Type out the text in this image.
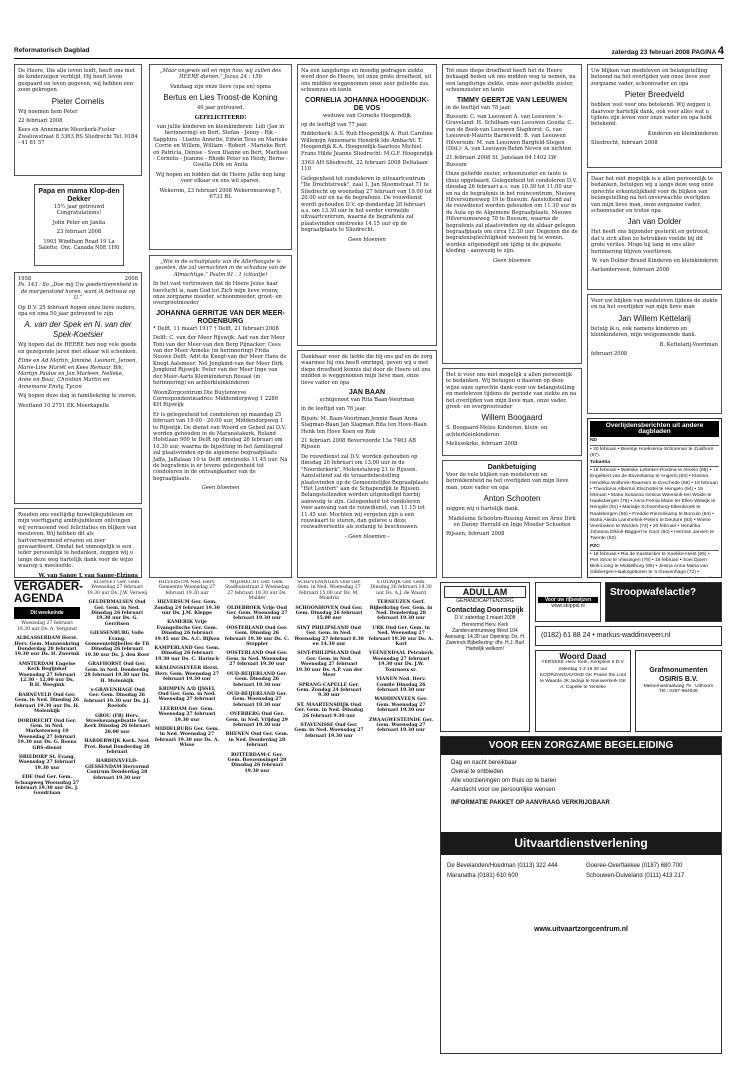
Reformatorisch Dagblad	zaterdag 23 februari 2008 PAGINA 4

De Heere, Die alle leven leidt, heeft ons met de kinderzegen verblijd. Hij heeft leven gespaard en leven gegeven, wij hebben een zoon gekregen

Pieter Cornelis

Wij noemen hem Peter

22 februari 2008

Kees en Annemarie Meerkerk-Fuster Zwaluwstraat 8 3363 RS Sliedrecht Tel. 0184 - 41 81 57

Papa en mama Klop-den Dekker

15½ jaar getrouwd Congratulations!

John Peter en Janita

23 februari 2008

1903 Windham Road 19 La Salette, Ont. Canada N0E 1H0

1958	2008

Ps. 143 : 8a „Doe mij Uw goedertierenheid in de morgenstond horen, want ik betrouw op U.”

Op D.V. 25 februari hopen onze lieve ouders, opa en oma 50 jaar getrouwd te zijn

A. van der Spek en N. van der Spek-Koetsier

Wij hopen dat de HEERE hen nog vele goede en gezegende jaren met elkaar wil schenken.

Eline en Ad Martin, Jannine, Leonart, Jeroen, Marie-Line Mariët en Kees Remaar, Bik, Martijn Paulus en Jan Marleen, Nelleke, Anne en Boaz, Christian Martin en Annemarie Emily, Tycon

Wij hopen deze dag in familiekring te vieren.

Westland 10 2751 EK Moerkapelle

Rouden ons veeltijdig huwelijksjubileum en mijn veertigjarig ambtsjubileum ontvingen wij verrassend veel felicitaties en blijken van meeleven. Wij hebben dit als hartverwarmend ervaren en zeer gewaardeerd. Omdat het onmogelijk is een ieder persoonlijk te bedanken, zeggen wij u langs deze weg hartelijk dank voor de wijze waarop u meeleefde.

W. van Sange J. van Sange-Elzinga

„Maar ongewis wil en mijn hoo; wij zullen des HEERE dienen.” Jozua 24 : 15b

Vandaag zijn onze lieve (opa en) opma

Bertus en Lies Troost-de Koning

40 jaar getrouwd.

GEFELICITEERD!

van jullie kinderen en kleinkinderen: Lidi (Jan in herinnering) en Bert, Stefan - Jenny - Rik - Sapphira - Lisette Annette, Edwin Teus en Marieke Corrie en Willem, William - Robert - Marieke Bert en Patricia, Denise - Sven Dianne en Bert, Marlisse - Cornelis - Jeanine - Rhode Peter en Heidy, Berne - Gisella Dirk en Anita

Wij hopen en bidden dat de Heere jullie nog lang voor elkaar en ons wil sparen.

Wekerom, 23 februari 2008 Wekeromseweg 7, 6733 BL

„Wie in de schuilplaats van de Allerhoogste is gezeten, die zal vernachten in de schaduw van de Almachtige.” Psalm 91 : 1 (citaatje)

In het vast vertrouwen dat de Heere Jezus haar toevlucht is, nam God tot Zich mijn lieve vrouw, onze zorgzame moeder, schoonmoeder, groot- en overgrootmoeder

JOHANNA GERRITJE VAN DER MEER-RODENBURG

* Delft, 11 maart 1917 † Delft, 21 februari 2008

Delft: C. van der Meer Rijswijk: Aad van der Meer Toni van der Meer-van den Berg Pijnacker: Cees van der Meer Anneke (in herinnering) Frida Nouwe Delft: Adri de Knegt-van der Meer Hans de Knegt Aalsmeer: Nel Jongkind-van der Meer Dirk Jongkind Rijswijk: Peter van der Meer Inge van der Meer-Aarts Kleinkinderen Bouaal (in herinnering) en achterkleinkinderen

WoonZorgcentrum Die Buytenwyve Correspondentieadres: Middendorpweg 1 2286 KH Rijswijk

Er is gelegenheid tot condoleren op maandag 25 februari van 19.00 - 20.00 uur, Middendorpweg 1 te Rijswijk. De dienst van Woord en Gebed zal D.V. worden gehouden in de Maranatakerk, Roland Holstlaan 900 te Delft op dinsdag 26 februari om 10.30 uur, waarna de bijzetting in het familiegraf zal plaatsvinden op de algemene begraafplaats Jaffa, Jaffalaan 10 te Delft omstreeks 11.45 uur. Na de begrafenis is er tevens gelegenheid tot condoleren in de ontvangkamer van de begraafplaats.

Geen bloemen

Na een langdurige en moedig gedragen ziekte werd door de Heere, tot onze grote droefheid, uit ons midden weggenomen onze zeer geliefde zus, schoonzus en tante

CORNELIA JOHANNA HOOGENDIJK-DE VOS

weduwe van Cornelis Hoogendijk

op de leeftijd van 77 jaar.

Ridderkerk: A.S. Ruit-Hoogendijk A. Ruit Caroline Willemijn Annemarie Hendrik Ido Ambacht: T. Hoogendijk K.A. Hoogendijk-Saarloos Michiel Frans Hilde Jeanne Sliedrecht: M.G.F. Hoogendijk

3363 AH Sliedrecht, 22 februari 2008 Deltalaan 110

Gelegenheid tot condoleren in uitvaartcentrum "De Drechtstreek", zaal 1, Jan Stoomstraat 71 te Sliedrecht op woensdag 27 februari van 19.00 tot 20.00 uur en na de begrafenis. De rouwdienst wordt gehouden D.V. op donderdag 28 februari a.s. om 13.30 uur in het eerder vermelde uitvaartcentrum, waarna de begrafenis zal plaatsvinden omstreeks 14.15 uur op de begraafplaats te Sliedrecht.

Geen bloemen

Dankbaar voor de liefde die hij ons gaf en de zorg waarmee hij ons heeft omringd, geven wij u met diepe droefheid kennis dat door de Heere uit ons midden is weggenomen mijn lieve man, onze lieve vader en opa

JAN BAAN

echtgenoot van Rita Baan-Voortman

in de leeftijd van 76 jaar.

Bijsen: M. Baan-Voortman Jennie Baan Anna Slagman-Baan Jan Slagman Rita ten Hove-Baan Henk ten Hove Koen en Rob

21 februari 2008 Bevervoorde 13a 7463 AB Rijssen

De rouwdienst zal D.V. worden gehouden op dinsdag 26 februari om 13.00 uur in de "Noorderkerk", Molenstalweg 21 te Rijssen. Aansluitend zal de teraardebestelling plaatsvinden op de Gemeentelijke Begraafplaats "Het Lentfert" aan de Schapendijk te Rijssen. Belangstellenden worden uitgenodigd hierbij aanwezig te zijn. Gelegenheid tot condoleren voor aanvang van de rouwdienst, van 11.15 tot 11.45 uur. Mochten wij vergeten zijn u een rouwkaart te sturen, dan gelieve u deze rouwadvertentie als zodanig te beschouwen.

- Geen bloemen -

Tot onze diepe droefheid heeft het de Heere behaagd heden uit ons midden weg te nemen, na een langdurige ziekte, onze zeer geliefde zuster, schoonzuster en tante

TIMMY GEERTJE VAN LEEUWEN

in de leeftijd van 78 jaar.

Bussum: C. van Leeuwen A. van Leeuwen 's-Graveland: H. Schilham-van Leeuwen Gouda: C. van de Beek-van Leeuwen Staphorst: G. van Leeuwen-Maurits Barneveld: B. van Leeuwen Hilversum: M. van Leeuwen Bargfeld-Stegen (Dld.): A. van Leeuwen-Behm Neven en nichten

21 februari 2008 St. Janslaan 64 1402 LW Bussum

Onze geliefde zuster, schoonzuster en tante is thuis opgebaard. Gelegenheid tot condoleren D.V. dinsdag 26 februari a.s. van 10.30 tot 11.00 uur en na de begrafenis in het rouwcentrum, Nieuwe Hilversumseweg 19 te Bussum. Aansluitend zal de rouwdienst worden gehouden om 11.30 uur in de Aula op de Algemene Begraafplaats, Nieuwe Hilversumseweg 78 te Bussum, waarna de begrafenis zal plaatsvinden op de aldaar gelegen begraafplaats om circa 12.30 uur. Degenen die de begrafenisplechtigheid wensen bij te wonen, worden uitgenodigd om tijdig in de gepaste kleding - aanwezig te zijn.

Geen bloemen

Het is voor ons niet mogelijk u allen persoonlijk te bedanken. Wij betuigen u daarom op deze wijze onze oprechte dank voor uw belangstelling en medeleven tijdens de periode van ziekte en na het overlijden van mijn lieve man, onze vader, groot- en overgrootvader

Willem Boogaard

S. Boogaard-Meles Kinderen, klein- en achterkleinkinderen

Melissekrke, februari 2008

Dankbetuiging

Voor de vele blijken van medeleven en betrokkenheid na het overlijden van mijn lieve man, onze vader en opa

Anton Schooten

zeggen wij u hartelijk dank.

Madeleine Schooten-Rissing Annet en Arno Dirk en Danny Herrald en Inge Moeder Schooten

Rijssen, februari 2008

Uw blijken van medeleven en belangstelling betoond na het overlijden van onze lieve zeer zorgzame vader, schoonvader en opa

Pieter Breedveld

hebben veel voor ons betekend. Wij zeggen u daarvoor hartelijk dank, ook voor alles wat u tijdens zijn leven voor onze vader en opa hebt betekend.

Kinderen en kleinkinderen

Sliedrecht, februari 2008

Daar het niet mogelijk is u allen persoonlijk te bedanken, betuigen wij u langs deze weg onze oprechte erkentelijkheid voor de blijken van belangstelling na het onverwachte overlijden van mijn lieve man, onze zorgzame vader, schoonvader en trotse opa

Jan van Dolder

Het heeft ons bijzonder gesterkt en getroost, dat u zich allen zo betrokken voelde bij dit grote verlies. Moge hij lang in ons aller herinnering blijven voortleven.

W. van Dolder-Brand Kinderen en kleinkinderen

Aarlanderveen, februari 2008

Voor uw blijken van medeleven tijdens de ziekte en na het overlijden van mijn lieve man

Jan Willem Kettelarij

betuig ik u, ook namens kinderen en kleinkinderen, mijn welgemeende dank.

B. Kettelarij-Voortman

februari 2008

Overlijdensberichten uit andere dagbladen
ND
• 20 februari • Beentje Hoeksema-Schrieman te Zuidhorn (97).
Tubantia
• 16 februari • Wietske Lettinker-Postma te Almelo (89) • Engelbert van de Bovenkamp te Angerlo (83) • Klasina Hendrika Wolbrink-Raamers te Enschede (86) • 18 februari • Theodorus Albertus Elschottel te Hengelo (94) • 19 februari • Maria Susanna Gesina Weersink-ten Wolde te Haaksbergen (78) • Anna Femia Marie ter Ellen-Woleijk te Rengsle (91) • Mariatje Schoemberg-Elkenbroek te Raalsbergen (66) • Freddie Riezenkamp te Borculo (84) • Maria Aleida Lammerink-Peters te Deuture (83) • Wiene Veenbaken te Worden (74) • 20 februari • Hendrika Johanna Elkink-Baggert te Goor (84) • Herman Jansen te Twente (83).
PZC
• 18 februari • Ria de Kasstecker te Koekke-Heist (65) • Piet Stroo te Vlissingen (79) • 19 februari • Soei Djoen Bink-Liong te Middelburg (85) • Jesina Anna Maria van Gilsbergen-Haaksgeboren te 's-Gravenhage (72) •
VERGADER-AGENDA
Dit weekeinde
AAGTEKERKE Ger. Gem. Woensdag 27 februari 19.30 uur Ds. A. Vergunst
ALBLASSERDAM Herst. Herv. Gem. Mannenkring Donderdag 28 februari 19.30 uur Ds. H. Zwerink
AMSTERDAM Engelse Kerk Begijnhof Woensdag 27 februari 12.30 - 12.00 uur Ds. B.H. Weegink
BARNEVELD Oud Ger. Gem. in Ned. Dinsdag 26 februari 19.30 uur Ds. H. Molenkijk
DORDRECHT Oud Ger. Gem. in Ned. Marketenweg 10 Woensdag 27 februari 19.30 uur Ds. G. Boens GBS-dienst
DRIEDORP St. Evang. Woensdag 27 februari 19.30 uur
EDE Oud Ger. Gem. Schaapweg Woensdag 27 februari 19.30 uur Ds. J. Goudriaan
ELSPEET Ger. Gem. Woensdag 27 februari 19.30 uur Ds. J.W. Verweij
GELDERMALSEN Oud Ger. Gem. in Ned. Dinsdag 26 februari 19.30 uur Ds. G. Gerritsen
GIESSENBURG Volle Evang. Gemeentebijbelles de Til Dinsdag 26 februari 19.30 uur Ds. J. den Boer
GRAFHORST Oud Ger. Gem. in Ned. Donderdag 28 februari 19.30 uur Ds. H. Molenkijk
's-GRAVENHAGE Oud Ger. Gem. Dinsdag 26 februari 19.30 uur Ds. J.J. Roelofs
GROU (FR) Herv. Streekevangelisatie Ger. Kerk Dinsdag 26 februari 20.00 uur
HARDERWIJK Kerk. Ned. Prot. Bond Donderdag 28 februari
HARDINXVELD-GIESSENDAM Hervormd Centrum Donderdag 28 februari 19.30 uur
HILVERSUM Ned. Herv. Gemeente Woensdag 27 februari 19.30 uur
HILVERSUM Ger. Gem. Zondag 24 februari 19.30 uur Ds. J.M. Kleppe
KAMERIK Vrije Evangelische Ger. Gem. Dinsdag 26 februari 19.45 uur Ds. A.C. Rijken
KAMPERLAND Ger. Gem. Dinsdag 26 februari 19.30 uur Ds. C. Harinck
KRALINGSEVEER Herst. Herv. Gem. Woensdag 27 februari 19.30 uur
KRIMPEN A/D IJSSEL Oud Ger. Gem. in Ned. Woensdag 27 februari
LEERDAM Ger. Gem. Woensdag 27 februari 19.30 uur
MIDDELBURG Ger. Gem. in Ned. Woensdag 27 februari 19.30 uur Ds. A. Wisse
MIJDRECHT Ger. Gem. Stadhuisstraat 2 Woensdag 27 februari 19.30 uur Ds. Mulder
OLDEBROEK Vrije Oud Ger. Gem. Woensdag 27 februari 19.30 uur
OOSTERLAND Oud Ger. Gem. Dinsdag 26 februari 19.30 uur Ds. C. Stoppler
OOSTERLAND Oud Ger. Gem. in Ned. Woensdag 27 februari 19.30 uur
OUD-BEIJERLAND Ger. Gem. Dinsdag 26 februari 19.30 uur
OUD-BEIJERLAND Ger. Gem. Woensdag 27 februari 19.30 uur
OVERBERG Oud Ger. Gem. in Ned. Vrijdag 29 februari 19.30 uur
RHENEN Oud Ger. Gem. in Ned. Donderdag 28 februari
ROTTERDAM-C Ger. Gem. Boezemsingel 20 Dinsdag 26 februari 19.30 uur
SCHEVENINGEN Oud Ger. Gem. in Ned. Woensdag 27 februari 15.00 uur Ds. M. Mondria
SCHOONHOVEN Oud Ger. Gem. Dinsdag 26 februari 15.00 uur
SINT PHILIPSLAND Oud Ger. Gem. in Ned. Woensdag 27 februari 8.30 en 14.30 uur
SINT-PHILIPSLAND Oud Ger. Gem. in Ned. Woensdag 27 februari 19.30 uur Ds. A.P. van der Meer
SPRANG-CAPELLE Ger. Gem. Zondag 24 februari 9.30 uur
ST. MAARTENSDIJK Oud Ger. Gem. in Ned. Dinsdag 26 februari 9.30 uur
STAVENISSE Oud Ger. Gem. in Ned. Woensdag 27 februari 19.30 uur
STOLWIJK Ger. Gem. Dinsdag 26 februari 19.30 uur Ds. A.J. de Waard
TERNEUZEN Gerf. Bijbelkring Ger. Gem. in Ned. Donderdag 28 februari 19.30 uur
URK Oud Ger. Gem. in Ned. Woensdag 27 februari 19.30 uur Ds. A. Kort
VEENENDAAL Petrakerk Woensdag 27 februari 19.30 uur Ds. J.W. Tournoox sr.
VIANEN Ned. Herv. Comité Dinsdag 26 februari 19.30 uur
WADDINXVEEN Ger. Gem. Woensdag 27 februari 19.30 uur
ZWAAGWESTEINDE Ger. Gem. Woensdag 27 februari 19.30 uur
ADULLAM
GEHANDICAPTENZORG
Contactdag Doornspijk
D.V. zaterdag 1 maart 2008 Hervormd Herv. Kerk Zandercentrumweg West 104 Aanvang: 14.30 uur Opening: Ds. H. Zwerinck Bijbellezing: dhr. H.J. Burl Hartelijk welkom!
Voor uw rijbewijzen
www.stoppel.nl
Stroopwafelactie?
(0182) 61 88 24 • markus-waddinxveen.nl
Woord Daad
YERSEKE Herv. Kerk, Kerkplein 5 D.V. zaterdag 1-3 19.30 uur KOORZANGAVOND GK Praise the Lord te Waarde JK Jedaja te Nieuwerkerk GK A. Capelle te Yerseke
Grafmonumenten OSIRIS B.V.
Meinemastraatweg 75 · Uithoorn Tel.: 0297-564646
VOOR EEN ZORGZAME BEGELEIDING
Dag en nacht bereikbaar
Overal te ontbieden
Alle voorzieningen om thuis op te baren
Aandacht voor uw persoonlijke wensen
INFORMATIE PAKKET OP AANVRAAG VERKRIJGBAAR
Uitvaartdienstverlening
De Bevelanden/Hoedman (0113) 322 444
Maranatha (0181) 610 600
Goeree-Overflakkee (0187) 680 700
Schouwen-Duiveland (0111) 413 217
www.uitvaartzorgcentrum.nl
